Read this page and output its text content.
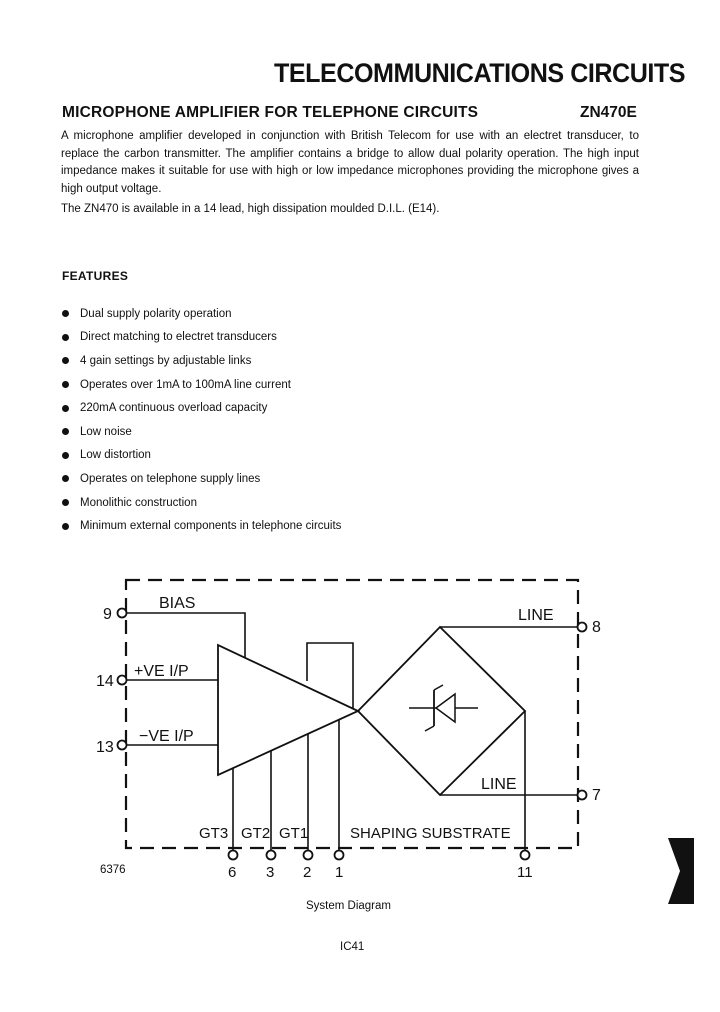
TELECOMMUNICATIONS CIRCUITS
MICROPHONE AMPLIFIER FOR TELEPHONE CIRCUITS	ZN470E
A microphone amplifier developed in conjunction with British Telecom for use with an electret transducer, to replace the carbon transmitter. The amplifier contains a bridge to allow dual polarity operation. The high input impedance makes it suitable for use with high or low impedance microphones providing the microphone gives a high output voltage.
The ZN470 is available in a 14 lead, high dissipation moulded D.I.L. (E14).
FEATURES
Dual supply polarity operation
Direct matching to electret transducers
4 gain settings by adjustable links
Operates over 1mA to 100mA line current
220mA continuous overload capacity
Low noise
Low distortion
Operates on telephone supply lines
Monolithic construction
Minimum external components in telephone circuits
BIAS
9
+VE I/P
14
−VE I/P
13
LINE
8
LINE
7
GT3 GT2 GT1	SHAPING SUBSTRATE
6 3 2 1	11
6376
System Diagram
IC41
